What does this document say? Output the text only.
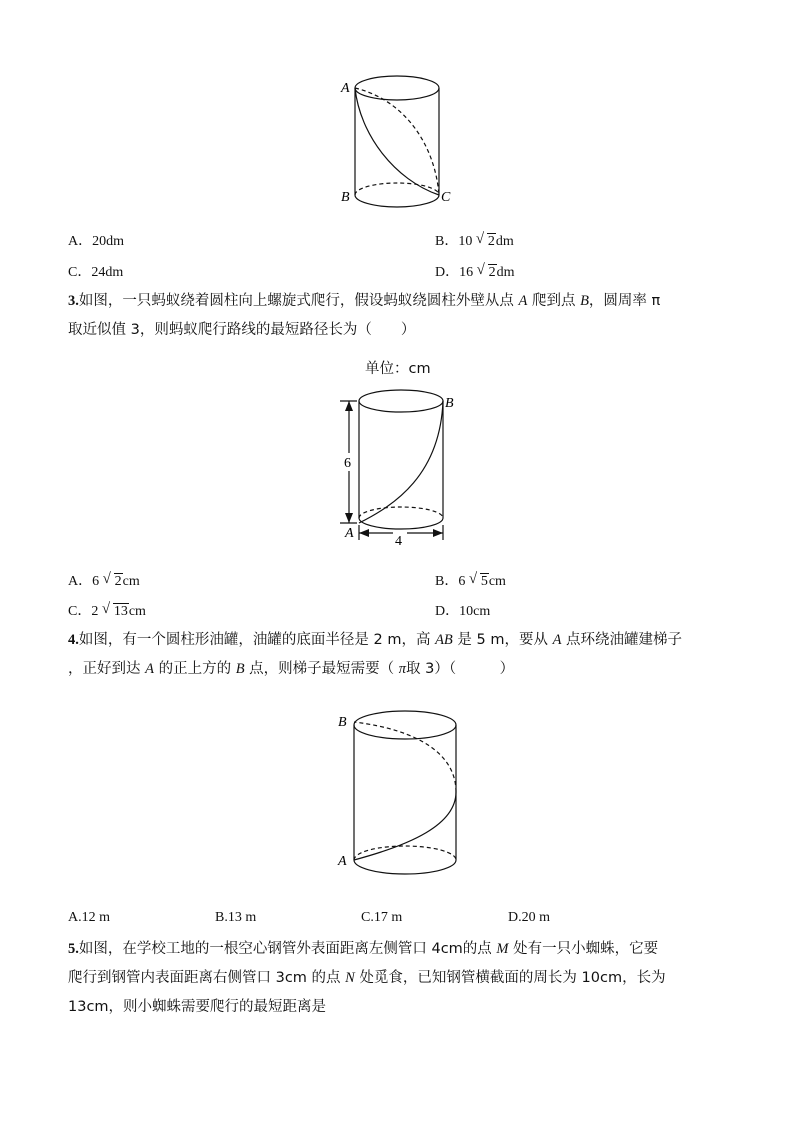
A
B	C
A．20dm	B．10 √ 2dm
C．24dm	D．16 √ 2dm
3.如图，一只蚂蚁绕着圆柱向上螺旋式爬行，假设蚂蚁绕圆柱外壁从点 A 爬到点 B，圆周率 π
取近似值 3，则蚂蚁爬行路线的最短路径长为（　　）
单位：cm
6
4
A
B
A．6 √ 2cm	B．6 √ 5cm
C．2 √ 13cm	D．10cm
4.如图，有一个圆柱形油罐，油罐的底面半径是 2 m，高 AB 是 5 m，要从 A 点环绕油罐建梯子
，正好到达 A 的正上方的 B 点，则梯子最短需要（ π取 3）（　　　）
B
A
A.12 m	B.13 m	C.17 m	D.20 m
5.如图，在学校工地的一根空心钢管外表面距离左侧管口 4cm的点 M 处有一只小蜘蛛，它要
爬行到钢管内表面距离右侧管口 3cm 的点 N 处觅食，已知钢管横截面的周长为 10cm，长为
13cm，则小蜘蛛需要爬行的最短距离是
